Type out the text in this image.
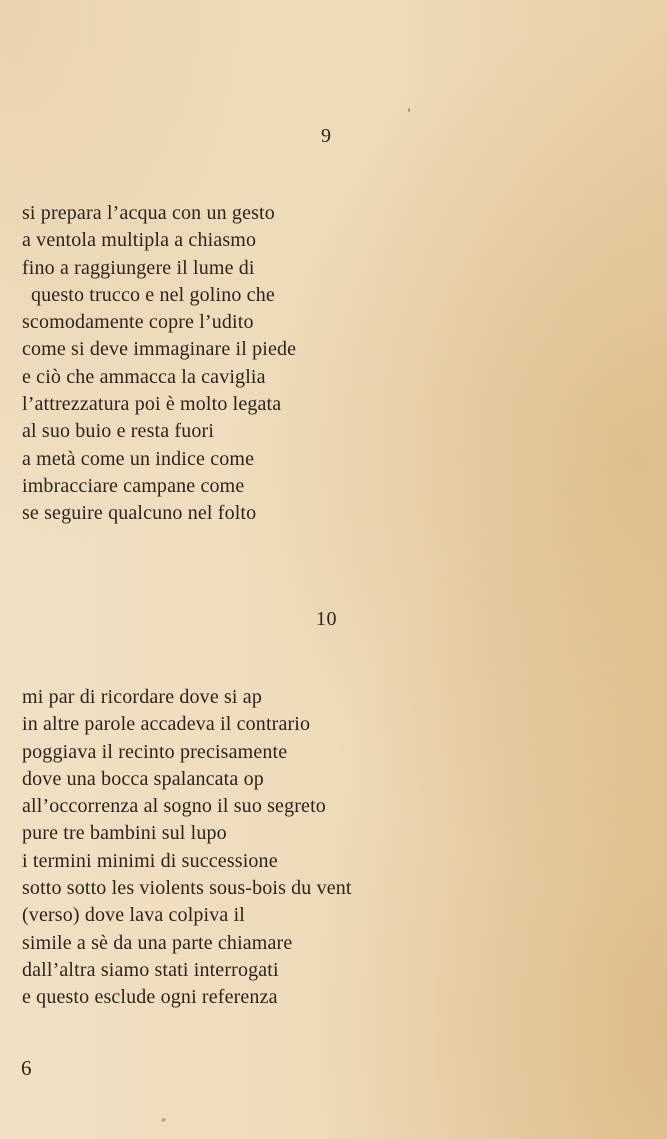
9
si prepara l’acqua con un gesto
a ventola multipla a chiasmo
fino a raggiungere il lume di
questo trucco e nel golino che
scomodamente copre l’udito
come si deve immaginare il piede
e ciò che ammacca la caviglia
l’attrezzatura poi è molto legata
al suo buio e resta fuori
a metà come un indice come
imbracciare campane come
se seguire qualcuno nel folto
10
mi par di ricordare dove si ap
in altre parole accadeva il contrario
poggiava il recinto precisamente
dove una bocca spalancata op
all’occorrenza al sogno il suo segreto
pure tre bambini sul lupo
i termini minimi di successione
sotto sotto les violents sous-bois du vent
(verso) dove lava colpiva il
simile a sè da una parte chiamare
dall’altra siamo stati interrogati
e questo esclude ogni referenza
6
